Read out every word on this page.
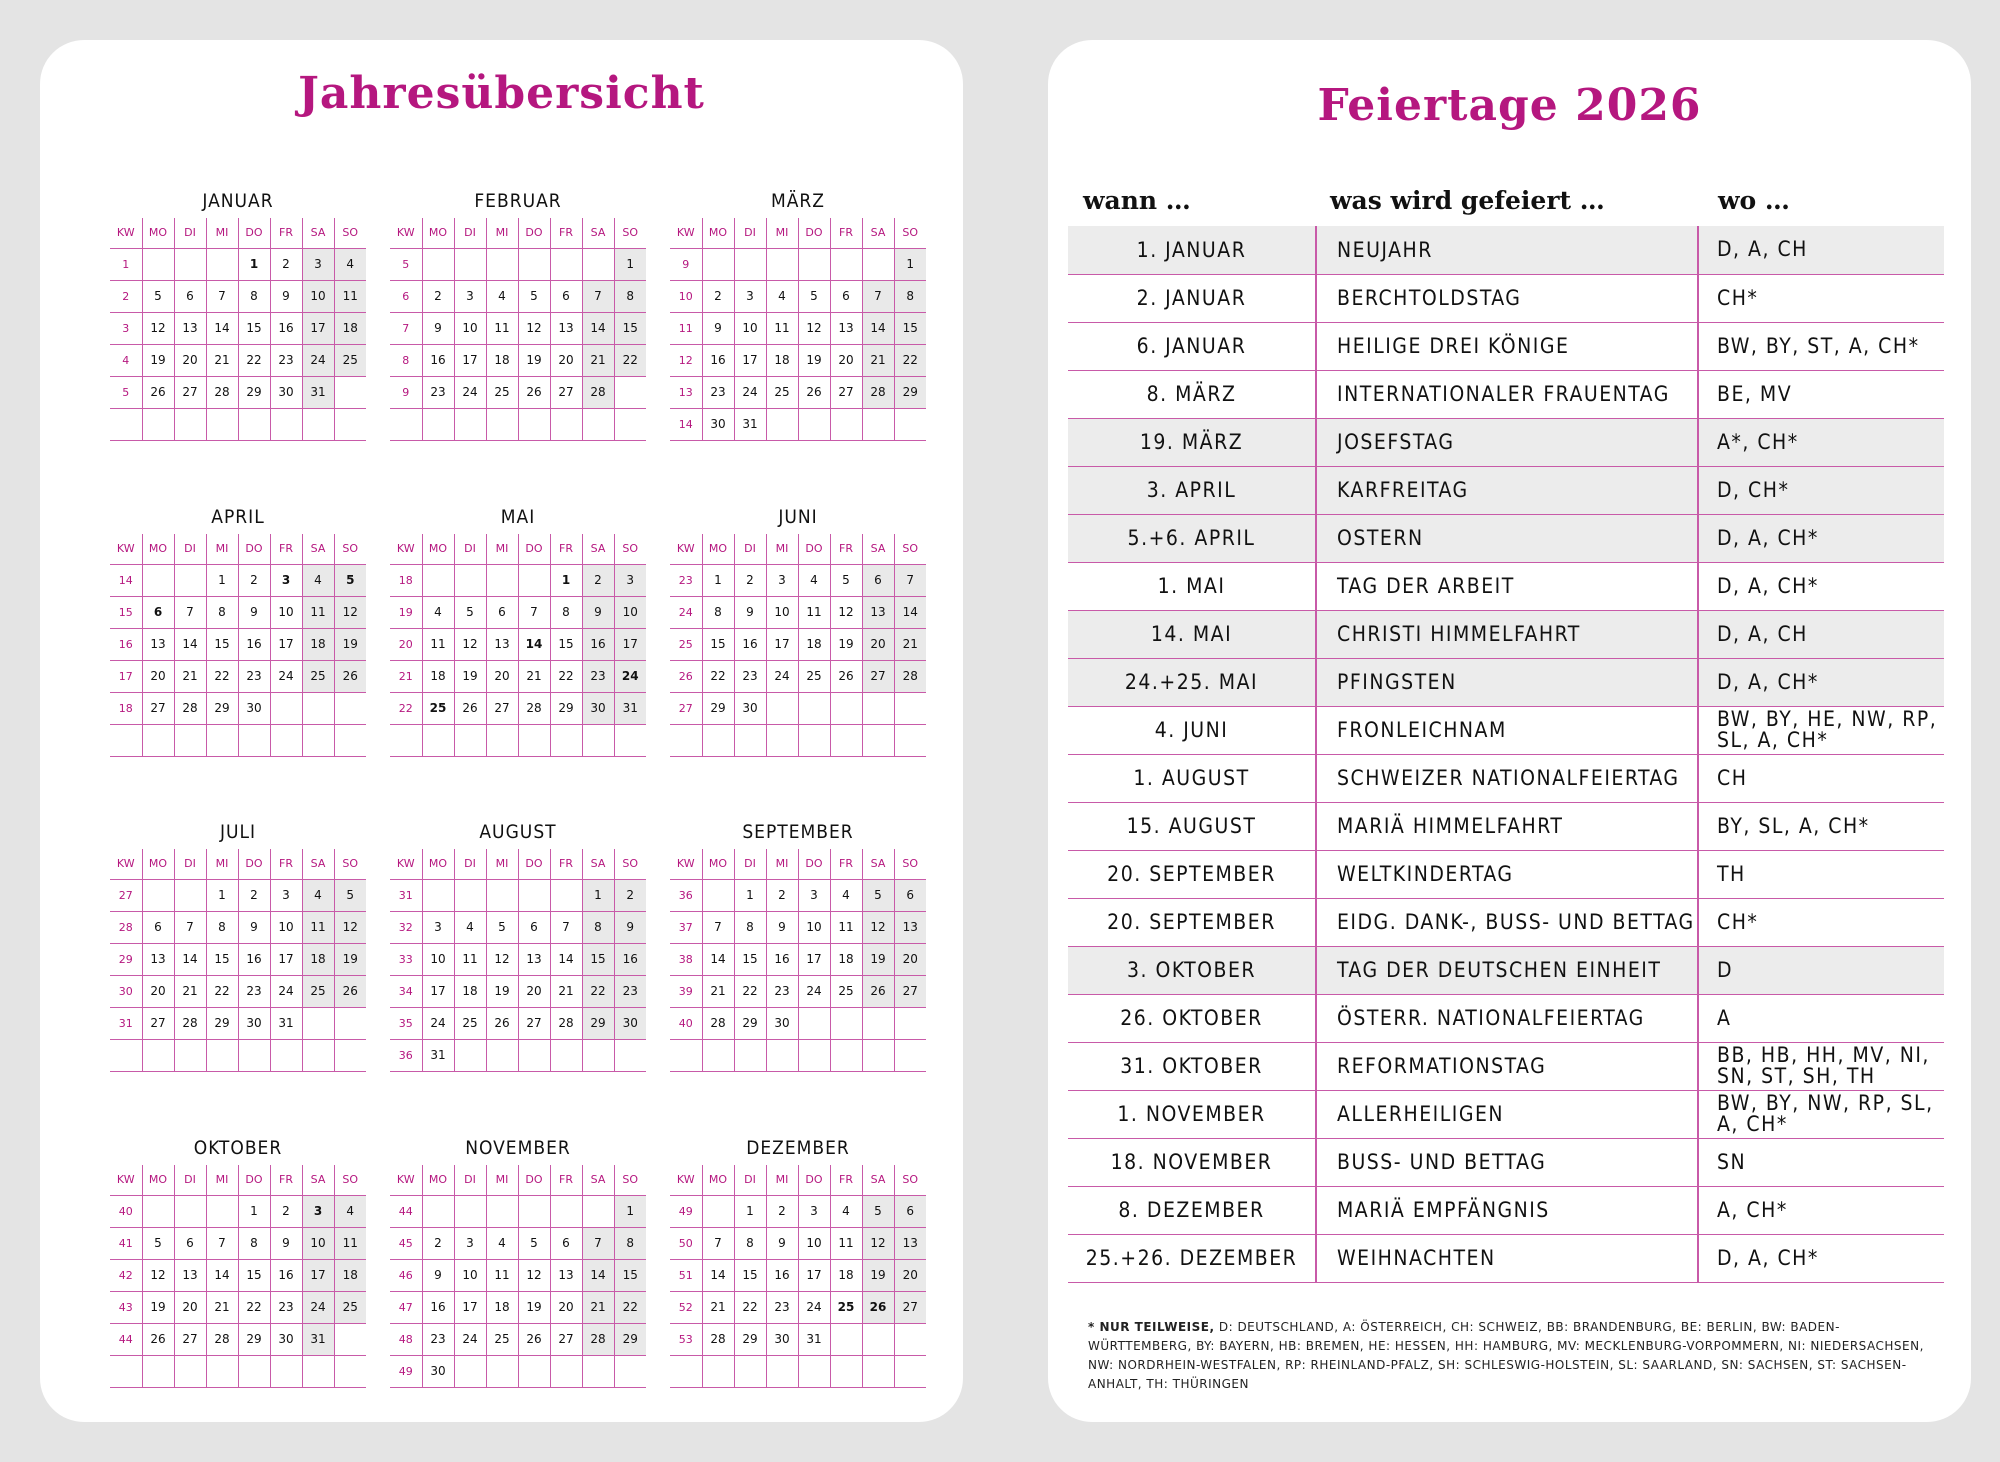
Jahresübersicht
JANUAR
KW	MO	DI	MI	DO	FR	SA	SO
1				1	2	3	4
2	5	6	7	8	9	10	11
3	12	13	14	15	16	17	18
4	19	20	21	22	23	24	25
5	26	27	28	29	30	31	

FEBRUAR
KW	MO	DI	MI	DO	FR	SA	SO
5							1
6	2	3	4	5	6	7	8
7	9	10	11	12	13	14	15
8	16	17	18	19	20	21	22
9	23	24	25	26	27	28	

MÄRZ
KW	MO	DI	MI	DO	FR	SA	SO
9							1
10	2	3	4	5	6	7	8
11	9	10	11	12	13	14	15
12	16	17	18	19	20	21	22
13	23	24	25	26	27	28	29
14	30	31					
APRIL
KW	MO	DI	MI	DO	FR	SA	SO
14			1	2	3	4	5
15	6	7	8	9	10	11	12
16	13	14	15	16	17	18	19
17	20	21	22	23	24	25	26
18	27	28	29	30			

MAI
KW	MO	DI	MI	DO	FR	SA	SO
18					1	2	3
19	4	5	6	7	8	9	10
20	11	12	13	14	15	16	17
21	18	19	20	21	22	23	24
22	25	26	27	28	29	30	31

JUNI
KW	MO	DI	MI	DO	FR	SA	SO
23	1	2	3	4	5	6	7
24	8	9	10	11	12	13	14
25	15	16	17	18	19	20	21
26	22	23	24	25	26	27	28
27	29	30					

JULI
KW	MO	DI	MI	DO	FR	SA	SO
27			1	2	3	4	5
28	6	7	8	9	10	11	12
29	13	14	15	16	17	18	19
30	20	21	22	23	24	25	26
31	27	28	29	30	31		

AUGUST
KW	MO	DI	MI	DO	FR	SA	SO
31						1	2
32	3	4	5	6	7	8	9
33	10	11	12	13	14	15	16
34	17	18	19	20	21	22	23
35	24	25	26	27	28	29	30
36	31						
SEPTEMBER
KW	MO	DI	MI	DO	FR	SA	SO
36		1	2	3	4	5	6
37	7	8	9	10	11	12	13
38	14	15	16	17	18	19	20
39	21	22	23	24	25	26	27
40	28	29	30				

OKTOBER
KW	MO	DI	MI	DO	FR	SA	SO
40				1	2	3	4
41	5	6	7	8	9	10	11
42	12	13	14	15	16	17	18
43	19	20	21	22	23	24	25
44	26	27	28	29	30	31	

NOVEMBER
KW	MO	DI	MI	DO	FR	SA	SO
44							1
45	2	3	4	5	6	7	8
46	9	10	11	12	13	14	15
47	16	17	18	19	20	21	22
48	23	24	25	26	27	28	29
49	30						
DEZEMBER
KW	MO	DI	MI	DO	FR	SA	SO
49		1	2	3	4	5	6
50	7	8	9	10	11	12	13
51	14	15	16	17	18	19	20
52	21	22	23	24	25	26	27
53	28	29	30	31			

Feiertage 2026
wann …	was wird gefeiert …	wo …
1. JANUAR	NEUJAHR	D, A, CH
2. JANUAR	BERCHTOLDSTAG	CH*
6. JANUAR	HEILIGE DREI KÖNIGE	BW, BY, ST, A, CH*
8. MÄRZ	INTERNATIONALER FRAUENTAG	BE, MV
19. MÄRZ	JOSEFSTAG	A*, CH*
3. APRIL	KARFREITAG	D, CH*
5.+6. APRIL	OSTERN	D, A, CH*
1. MAI	TAG DER ARBEIT	D, A, CH*
14. MAI	CHRISTI HIMMELFAHRT	D, A, CH
24.+25. MAI	PFINGSTEN	D, A, CH*
4. JUNI	FRONLEICHNAM	BW, BY, HE, NW, RP, SL, A, CH*
1. AUGUST	SCHWEIZER NATIONALFEIERTAG	CH
15. AUGUST	MARIÄ HIMMELFAHRT	BY, SL, A, CH*
20. SEPTEMBER	WELTKINDERTAG	TH
20. SEPTEMBER	EIDG. DANK-, BUSS- UND BETTAG	CH*
3. OKTOBER	TAG DER DEUTSCHEN EINHEIT	D
26. OKTOBER	ÖSTERR. NATIONALFEIERTAG	A
31. OKTOBER	REFORMATIONSTAG	BB, HB, HH, MV, NI, SN, ST, SH, TH
1. NOVEMBER	ALLERHEILIGEN	BW, BY, NW, RP, SL, A, CH*
18. NOVEMBER	BUSS- UND BETTAG	SN
8. DEZEMBER	MARIÄ EMPFÄNGNIS	A, CH*
25.+26. DEZEMBER	WEIHNACHTEN	D, A, CH*
* NUR TEILWEISE, D: DEUTSCHLAND, A: ÖSTERREICH, CH: SCHWEIZ, BB: BRANDENBURG, BE: BERLIN, BW: BADEN-WÜRTTEMBERG, BY: BAYERN, HB: BREMEN, HE: HESSEN, HH: HAMBURG, MV: MECKLENBURG-VORPOMMERN, NI: NIEDERSACHSEN, NW: NORDRHEIN-WESTFALEN, RP: RHEINLAND-PFALZ, SH: SCHLESWIG-HOLSTEIN, SL: SAARLAND, SN: SACHSEN, ST: SACHSEN-ANHALT, TH: THÜRINGEN
